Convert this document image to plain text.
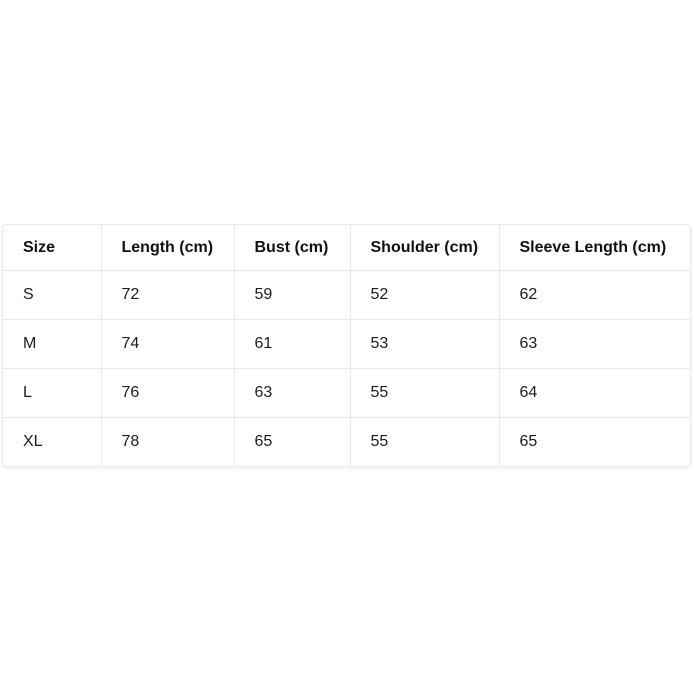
Size	Length (cm)	Bust (cm)	Shoulder (cm)	Sleeve Length (cm)
S	72	59	52	62
M	74	61	53	63
L	76	63	55	64
XL	78	65	55	65
